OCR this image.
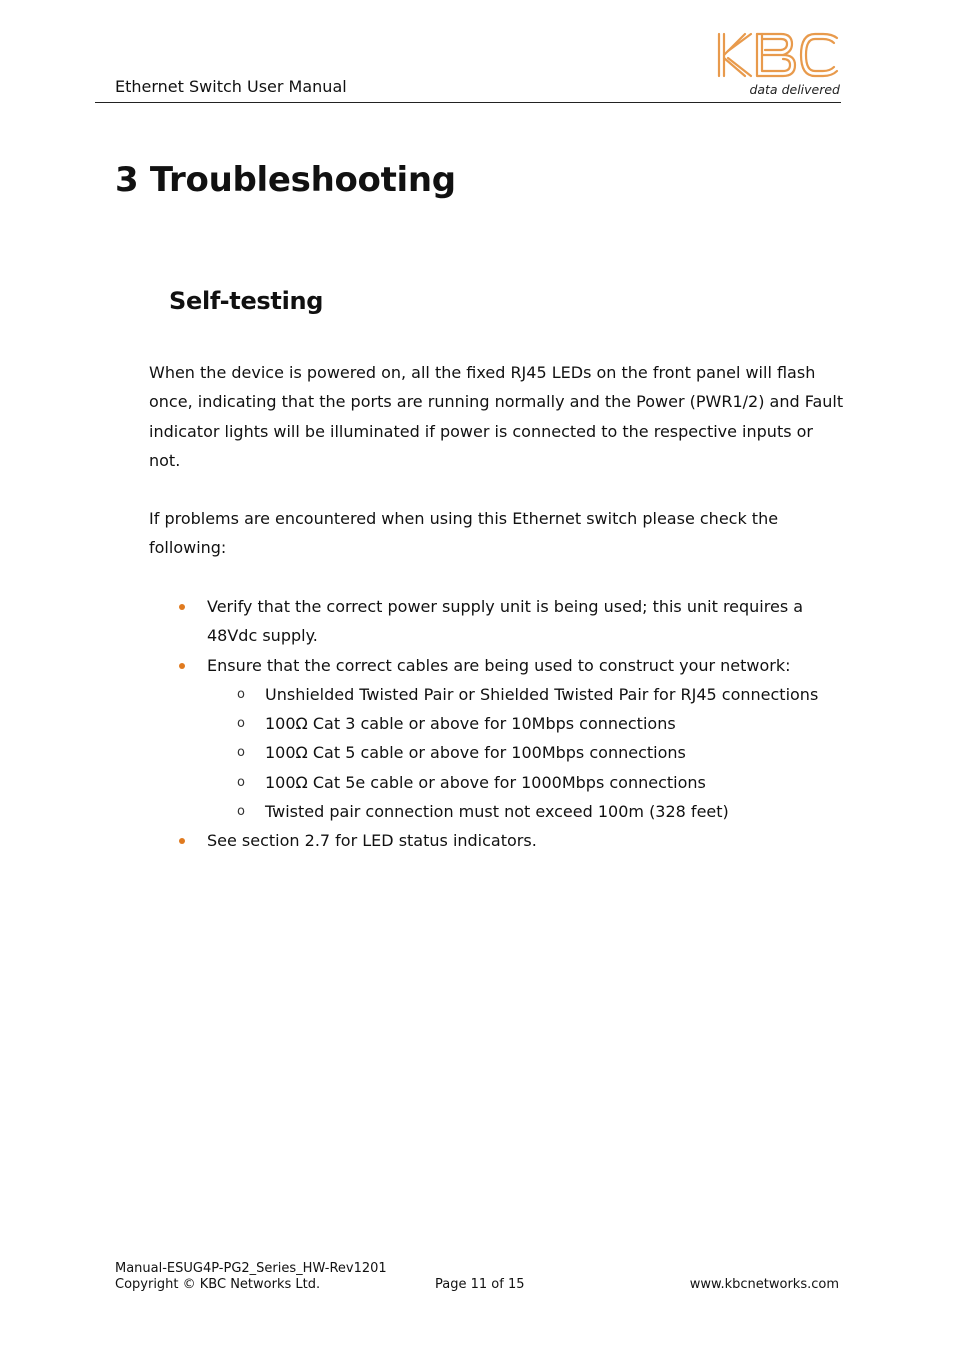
Ethernet Switch User Manual	data delivered
3 Troubleshooting
Self-testing

When the device is powered on, all the fixed RJ45 LEDs on the front panel will flash once, indicating that the ports are running normally and the Power (PWR1/2) and Fault indicator lights will be illuminated if power is connected to the respective inputs or not.

If problems are encountered when using this Ethernet switch please check the following:

Verify that the correct power supply unit is being used; this unit requires a 48Vdc supply.
Ensure that the correct cables are being used to construct your network:
o Unshielded Twisted Pair or Shielded Twisted Pair for RJ45 connections
o 100Ω Cat 3 cable or above for 10Mbps connections
o 100Ω Cat 5 cable or above for 100Mbps connections
o 100Ω Cat 5e cable or above for 1000Mbps connections
o Twisted pair connection must not exceed 100m (328 feet)
See section 2.7 for LED status indicators.
Manual-ESUG4P-PG2_Series_HW-Rev1201
Copyright © KBC Networks Ltd.	Page 11 of 15	www.kbcnetworks.com
